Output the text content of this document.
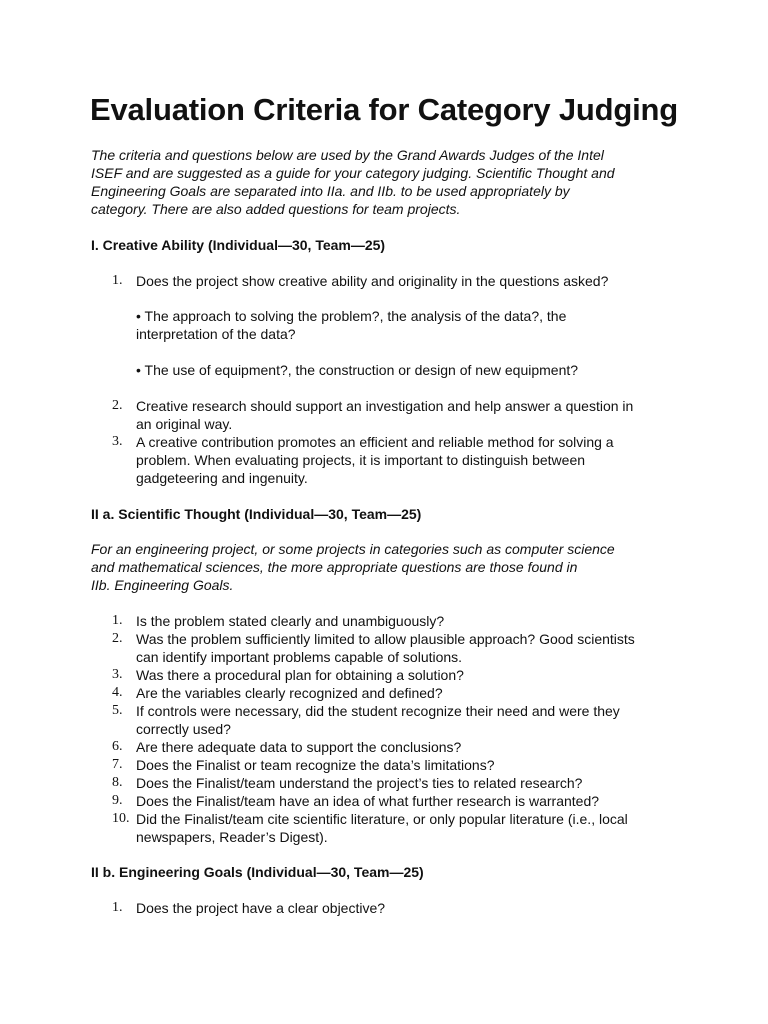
Evaluation Criteria for Category Judging
The criteria and questions below are used by the Grand Awards Judges of the Intel
ISEF and are suggested as a guide for your category judging. Scientific Thought and
Engineering Goals are separated into IIa. and IIb. to be used appropriately by
category. There are also added questions for team projects.
I. Creative Ability (Individual—30, Team—25)
1. Does the project show creative ability and originality in the questions asked?
• The approach to solving the problem?, the analysis of the data?, the
interpretation of the data?
• The use of equipment?, the construction or design of new equipment?
2. Creative research should support an investigation and help answer a question in
an original way.
3. A creative contribution promotes an efficient and reliable method for solving a
problem. When evaluating projects, it is important to distinguish between
gadgeteering and ingenuity.
II a. Scientific Thought (Individual—30, Team—25)
For an engineering project, or some projects in categories such as computer science
and mathematical sciences, the more appropriate questions are those found in
IIb. Engineering Goals.
1. Is the problem stated clearly and unambiguously?
2. Was the problem sufficiently limited to allow plausible approach? Good scientists
can identify important problems capable of solutions.
3. Was there a procedural plan for obtaining a solution?
4. Are the variables clearly recognized and defined?
5. If controls were necessary, did the student recognize their need and were they
correctly used?
6. Are there adequate data to support the conclusions?
7. Does the Finalist or team recognize the data’s limitations?
8. Does the Finalist/team understand the project’s ties to related research?
9. Does the Finalist/team have an idea of what further research is warranted?
10. Did the Finalist/team cite scientific literature, or only popular literature (i.e., local
newspapers, Reader’s Digest).
II b. Engineering Goals (Individual—30, Team—25)
1. Does the project have a clear objective?
